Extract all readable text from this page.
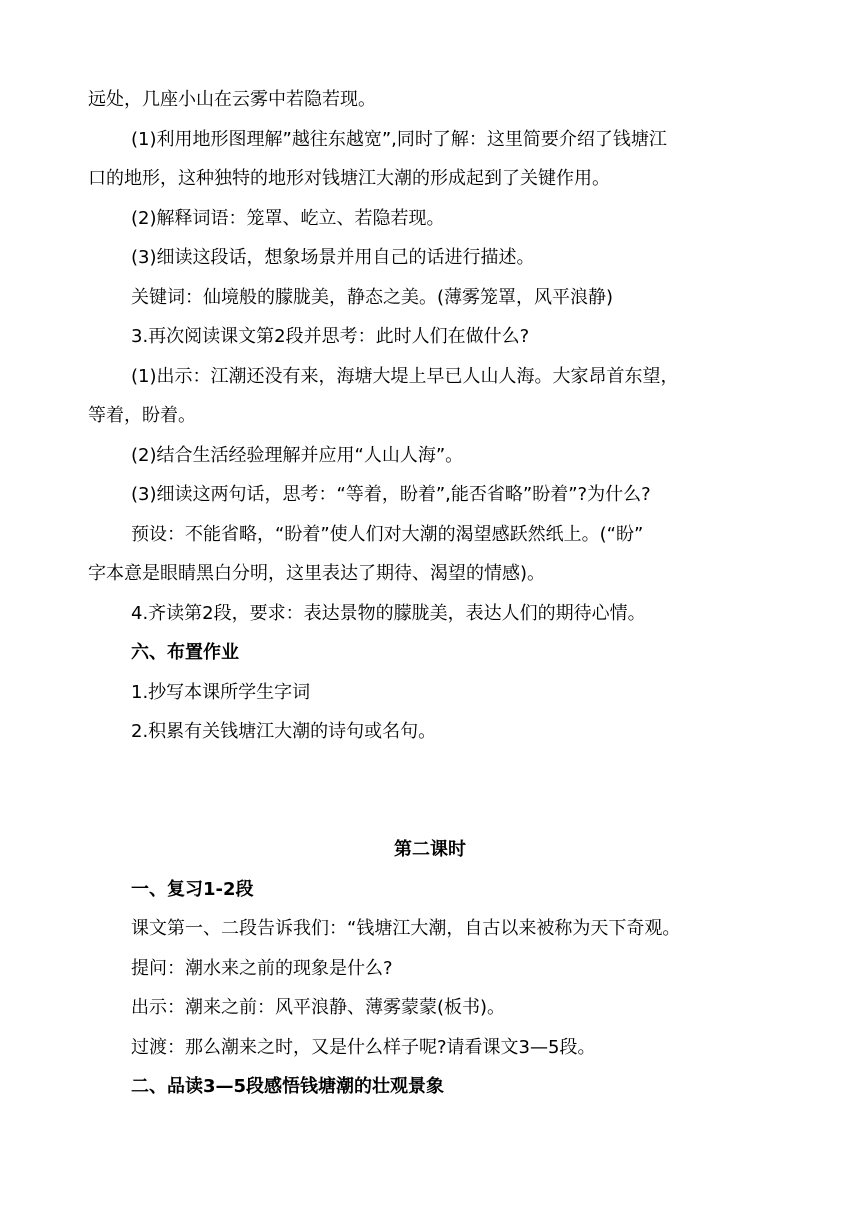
远处，几座小山在云雾中若隐若现。
(1)利用地形图理解”越往东越宽”,同时了解：这里简要介绍了钱塘江
口的地形，这种独特的地形对钱塘江大潮的形成起到了关键作用。
(2)解释词语：笼罩、屹立、若隐若现。
(3)细读这段话，想象场景并用自己的话进行描述。
关键词：仙境般的朦胧美，静态之美。(薄雾笼罩，风平浪静)
3.再次阅读课文第2段并思考：此时人们在做什么?
(1)出示：江潮还没有来，海塘大堤上早已人山人海。大家昂首东望，
等着，盼着。
(2)结合生活经验理解并应用“人山人海”。
(3)细读这两句话，思考：“等着，盼着”,能否省略”盼着”?为什么?
预设：不能省略，“盼着”使人们对大潮的渴望感跃然纸上。(“盼”
字本意是眼睛黑白分明，这里表达了期待、渴望的情感)。
4.齐读第2段，要求：表达景物的朦胧美，表达人们的期待心情。
六、布置作业
1.抄写本课所学生字词
2.积累有关钱塘江大潮的诗句或名句。
第二课时
一、复习1-2段
课文第一、二段告诉我们：“钱塘江大潮，自古以来被称为天下奇观。
提问：潮水来之前的现象是什么?
出示：潮来之前：风平浪静、薄雾蒙蒙(板书)。
过渡：那么潮来之时，又是什么样子呢?请看课文3—5段。
二、品读3—5段感悟钱塘潮的壮观景象
